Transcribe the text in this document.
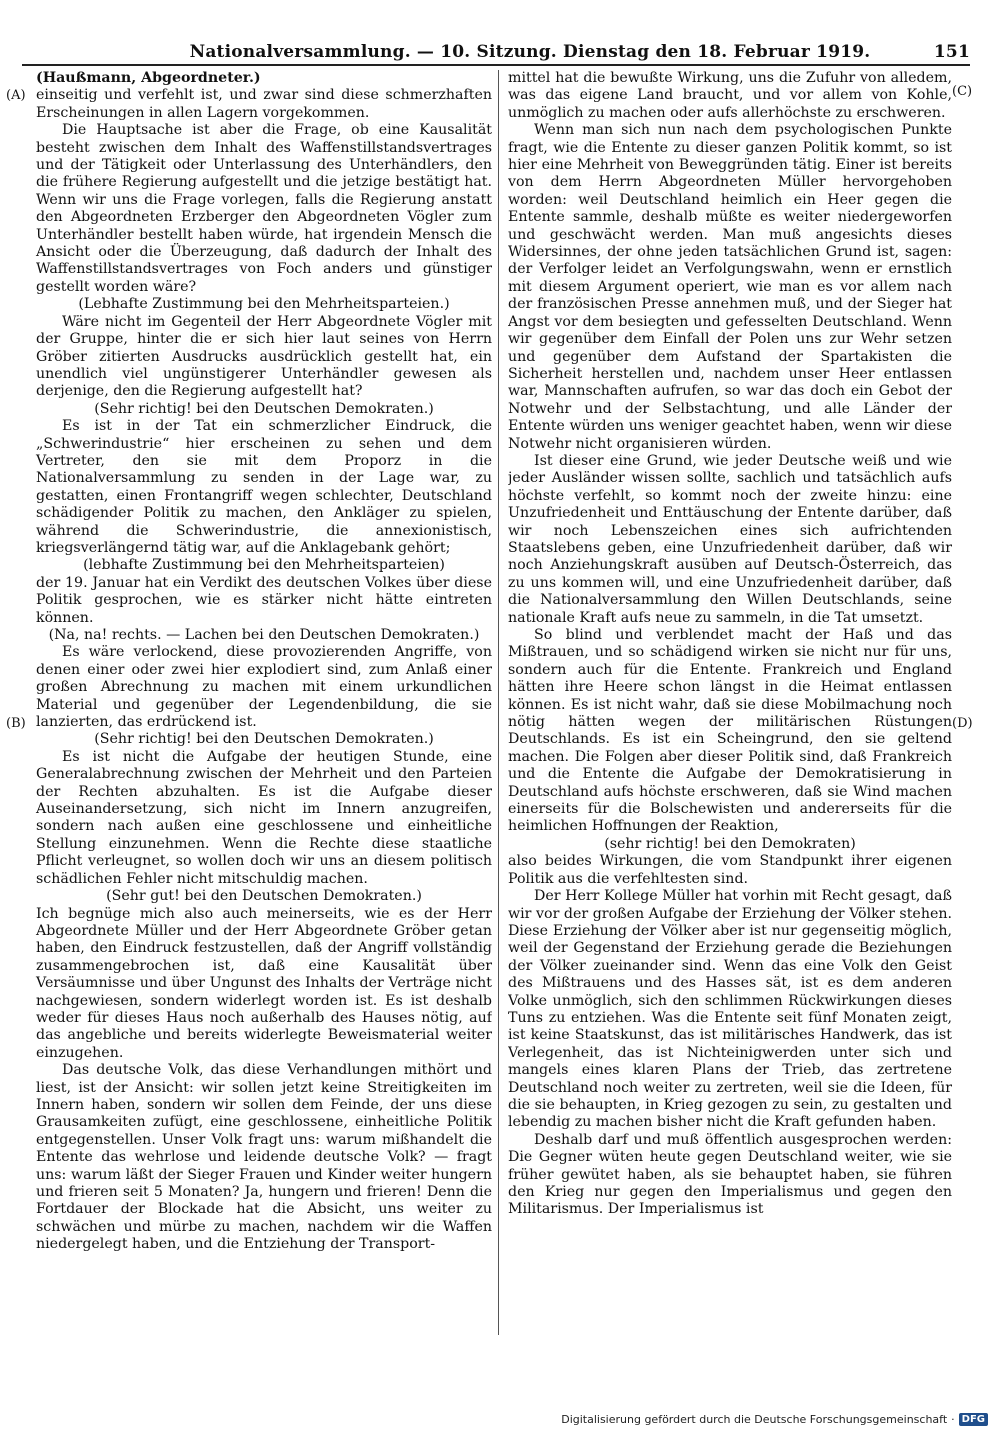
Nationalversammlung. — 10. Sitzung. Dienstag den 18. Februar 1919.	151
(A)
(B)
(C)
(D)

(Haußmann, Abgeordneter.)

einseitig und verfehlt ist, und zwar sind diese schmerzhaften Erscheinungen in allen Lagern vorgekommen.

Die Hauptsache ist aber die Frage, ob eine Kausalität besteht zwischen dem Inhalt des Waffenstillstandsvertrages und der Tätigkeit oder Unterlassung des Unterhändlers, den die frühere Regierung aufgestellt und die jetzige bestätigt hat. Wenn wir uns die Frage vorlegen, falls die Regierung anstatt den Abgeordneten Erzberger den Abgeordneten Vögler zum Unterhändler bestellt haben würde, hat irgendein Mensch die Ansicht oder die Überzeugung, daß dadurch der Inhalt des Waffenstillstandsvertrages von Foch anders und günstiger gestellt worden wäre?

(Lebhafte Zustimmung bei den Mehrheitsparteien.)

Wäre nicht im Gegenteil der Herr Abgeordnete Vögler mit der Gruppe, hinter die er sich hier laut seines von Herrn Gröber zitierten Ausdrucks ausdrücklich gestellt hat, ein unendlich viel ungünstigerer Unterhändler gewesen als derjenige, den die Regierung aufgestellt hat?

(Sehr richtig! bei den Deutschen Demokraten.)

Es ist in der Tat ein schmerzlicher Eindruck, die „Schwerindustrie“ hier erscheinen zu sehen und dem Vertreter, den sie mit dem Proporz in die Nationalversammlung zu senden in der Lage war, zu gestatten, einen Frontangriff wegen schlechter, Deutschland schädigender Politik zu machen, den Ankläger zu spielen, während die Schwerindustrie, die annexionistisch, kriegsverlängernd tätig war, auf die Anklagebank gehört;

(lebhafte Zustimmung bei den Mehrheitsparteien)

der 19. Januar hat ein Verdikt des deutschen Volkes über diese Politik gesprochen, wie es stärker nicht hätte eintreten können.

(Na, na! rechts. — Lachen bei den Deutschen Demokraten.)

Es wäre verlockend, diese provozierenden Angriffe, von denen einer oder zwei hier explodiert sind, zum Anlaß einer großen Abrechnung zu machen mit einem urkundlichen Material und gegenüber der Legendenbildung, die sie lanzierten, das erdrückend ist.

(Sehr richtig! bei den Deutschen Demokraten.)

Es ist nicht die Aufgabe der heutigen Stunde, eine Generalabrechnung zwischen der Mehrheit und den Parteien der Rechten abzuhalten. Es ist die Aufgabe dieser Auseinandersetzung, sich nicht im Innern anzugreifen, sondern nach außen eine geschlossene und einheitliche Stellung einzunehmen. Wenn die Rechte diese staatliche Pflicht verleugnet, so wollen doch wir uns an diesem politisch schädlichen Fehler nicht mitschuldig machen.

(Sehr gut! bei den Deutschen Demokraten.)

Ich begnüge mich also auch meinerseits, wie es der Herr Abgeordnete Müller und der Herr Abgeordnete Gröber getan haben, den Eindruck festzustellen, daß der Angriff vollständig zusammengebrochen ist, daß eine Kausalität über Versäumnisse und über Ungunst des Inhalts der Verträge nicht nachgewiesen, sondern widerlegt worden ist. Es ist deshalb weder für dieses Haus noch außerhalb des Hauses nötig, auf das angebliche und bereits widerlegte Beweismaterial weiter einzugehen.

Das deutsche Volk, das diese Verhandlungen mithört und liest, ist der Ansicht: wir sollen jetzt keine Streitigkeiten im Innern haben, sondern wir sollen dem Feinde, der uns diese Grausamkeiten zufügt, eine geschlossene, einheitliche Politik entgegenstellen. Unser Volk fragt uns: warum mißhandelt die Entente das wehrlose und leidende deutsche Volk? — fragt uns: warum läßt der Sieger Frauen und Kinder weiter hungern und frieren seit 5 Monaten? Ja, hungern und frieren! Denn die Fortdauer der Blockade hat die Absicht, uns weiter zu schwächen und mürbe zu machen, nachdem wir die Waffen niedergelegt haben, und die Entziehung der Transport-

mittel hat die bewußte Wirkung, uns die Zufuhr von alledem, was das eigene Land braucht, und vor allem von Kohle, unmöglich zu machen oder aufs allerhöchste zu erschweren.

Wenn man sich nun nach dem psychologischen Punkte fragt, wie die Entente zu dieser ganzen Politik kommt, so ist hier eine Mehrheit von Beweggründen tätig. Einer ist bereits von dem Herrn Abgeordneten Müller hervorgehoben worden: weil Deutschland heimlich ein Heer gegen die Entente sammle, deshalb müßte es weiter niedergeworfen und geschwächt werden. Man muß angesichts dieses Widersinnes, der ohne jeden tatsächlichen Grund ist, sagen: der Verfolger leidet an Verfolgungswahn, wenn er ernstlich mit diesem Argument operiert, wie man es vor allem nach der französischen Presse annehmen muß, und der Sieger hat Angst vor dem besiegten und gefesselten Deutschland. Wenn wir gegenüber dem Einfall der Polen uns zur Wehr setzen und gegenüber dem Aufstand der Spartakisten die Sicherheit herstellen und, nachdem unser Heer entlassen war, Mannschaften aufrufen, so war das doch ein Gebot der Notwehr und der Selbstachtung, und alle Länder der Entente würden uns weniger geachtet haben, wenn wir diese Notwehr nicht organisieren würden.

Ist dieser eine Grund, wie jeder Deutsche weiß und wie jeder Ausländer wissen sollte, sachlich und tatsächlich aufs höchste verfehlt, so kommt noch der zweite hinzu: eine Unzufriedenheit und Enttäuschung der Entente darüber, daß wir noch Lebenszeichen eines sich aufrichtenden Staatslebens geben, eine Unzufriedenheit darüber, daß wir noch Anziehungskraft ausüben auf Deutsch-Österreich, das zu uns kommen will, und eine Unzufriedenheit darüber, daß die Nationalversammlung den Willen Deutschlands, seine nationale Kraft aufs neue zu sammeln, in die Tat umsetzt.

So blind und verblendet macht der Haß und das Mißtrauen, und so schädigend wirken sie nicht nur für uns, sondern auch für die Entente. Frankreich und England hätten ihre Heere schon längst in die Heimat entlassen können. Es ist nicht wahr, daß sie diese Mobilmachung noch nötig hätten wegen der militärischen Rüstungen Deutschlands. Es ist ein Scheingrund, den sie geltend machen. Die Folgen aber dieser Politik sind, daß Frankreich und die Entente die Aufgabe der Demokratisierung in Deutschland aufs höchste erschweren, daß sie Wind machen einerseits für die Bolschewisten und andererseits für die heimlichen Hoffnungen der Reaktion,

(sehr richtig! bei den Demokraten)

also beides Wirkungen, die vom Standpunkt ihrer eigenen Politik aus die verfehltesten sind.

Der Herr Kollege Müller hat vorhin mit Recht gesagt, daß wir vor der großen Aufgabe der Erziehung der Völker stehen. Diese Erziehung der Völker aber ist nur gegenseitig möglich, weil der Gegenstand der Erziehung gerade die Beziehungen der Völker zueinander sind. Wenn das eine Volk den Geist des Mißtrauens und des Hasses sät, ist es dem anderen Volke unmöglich, sich den schlimmen Rückwirkungen dieses Tuns zu entziehen. Was die Entente seit fünf Monaten zeigt, ist keine Staatskunst, das ist militärisches Handwerk, das ist Verlegenheit, das ist Nichteinigwerden unter sich und mangels eines klaren Plans der Trieb, das zertretene Deutschland noch weiter zu zertreten, weil sie die Ideen, für die sie behaupten, in Krieg gezogen zu sein, zu gestalten und lebendig zu machen bisher nicht die Kraft gefunden haben.

Deshalb darf und muß öffentlich ausgesprochen werden: Die Gegner wüten heute gegen Deutschland weiter, wie sie früher gewütet haben, als sie behauptet haben, sie führen den Krieg nur gegen den Imperialismus und gegen den Militarismus. Der Imperialismus ist

Digitalisierung gefördert durch die Deutsche Forschungsgemeinschaft · DFG
